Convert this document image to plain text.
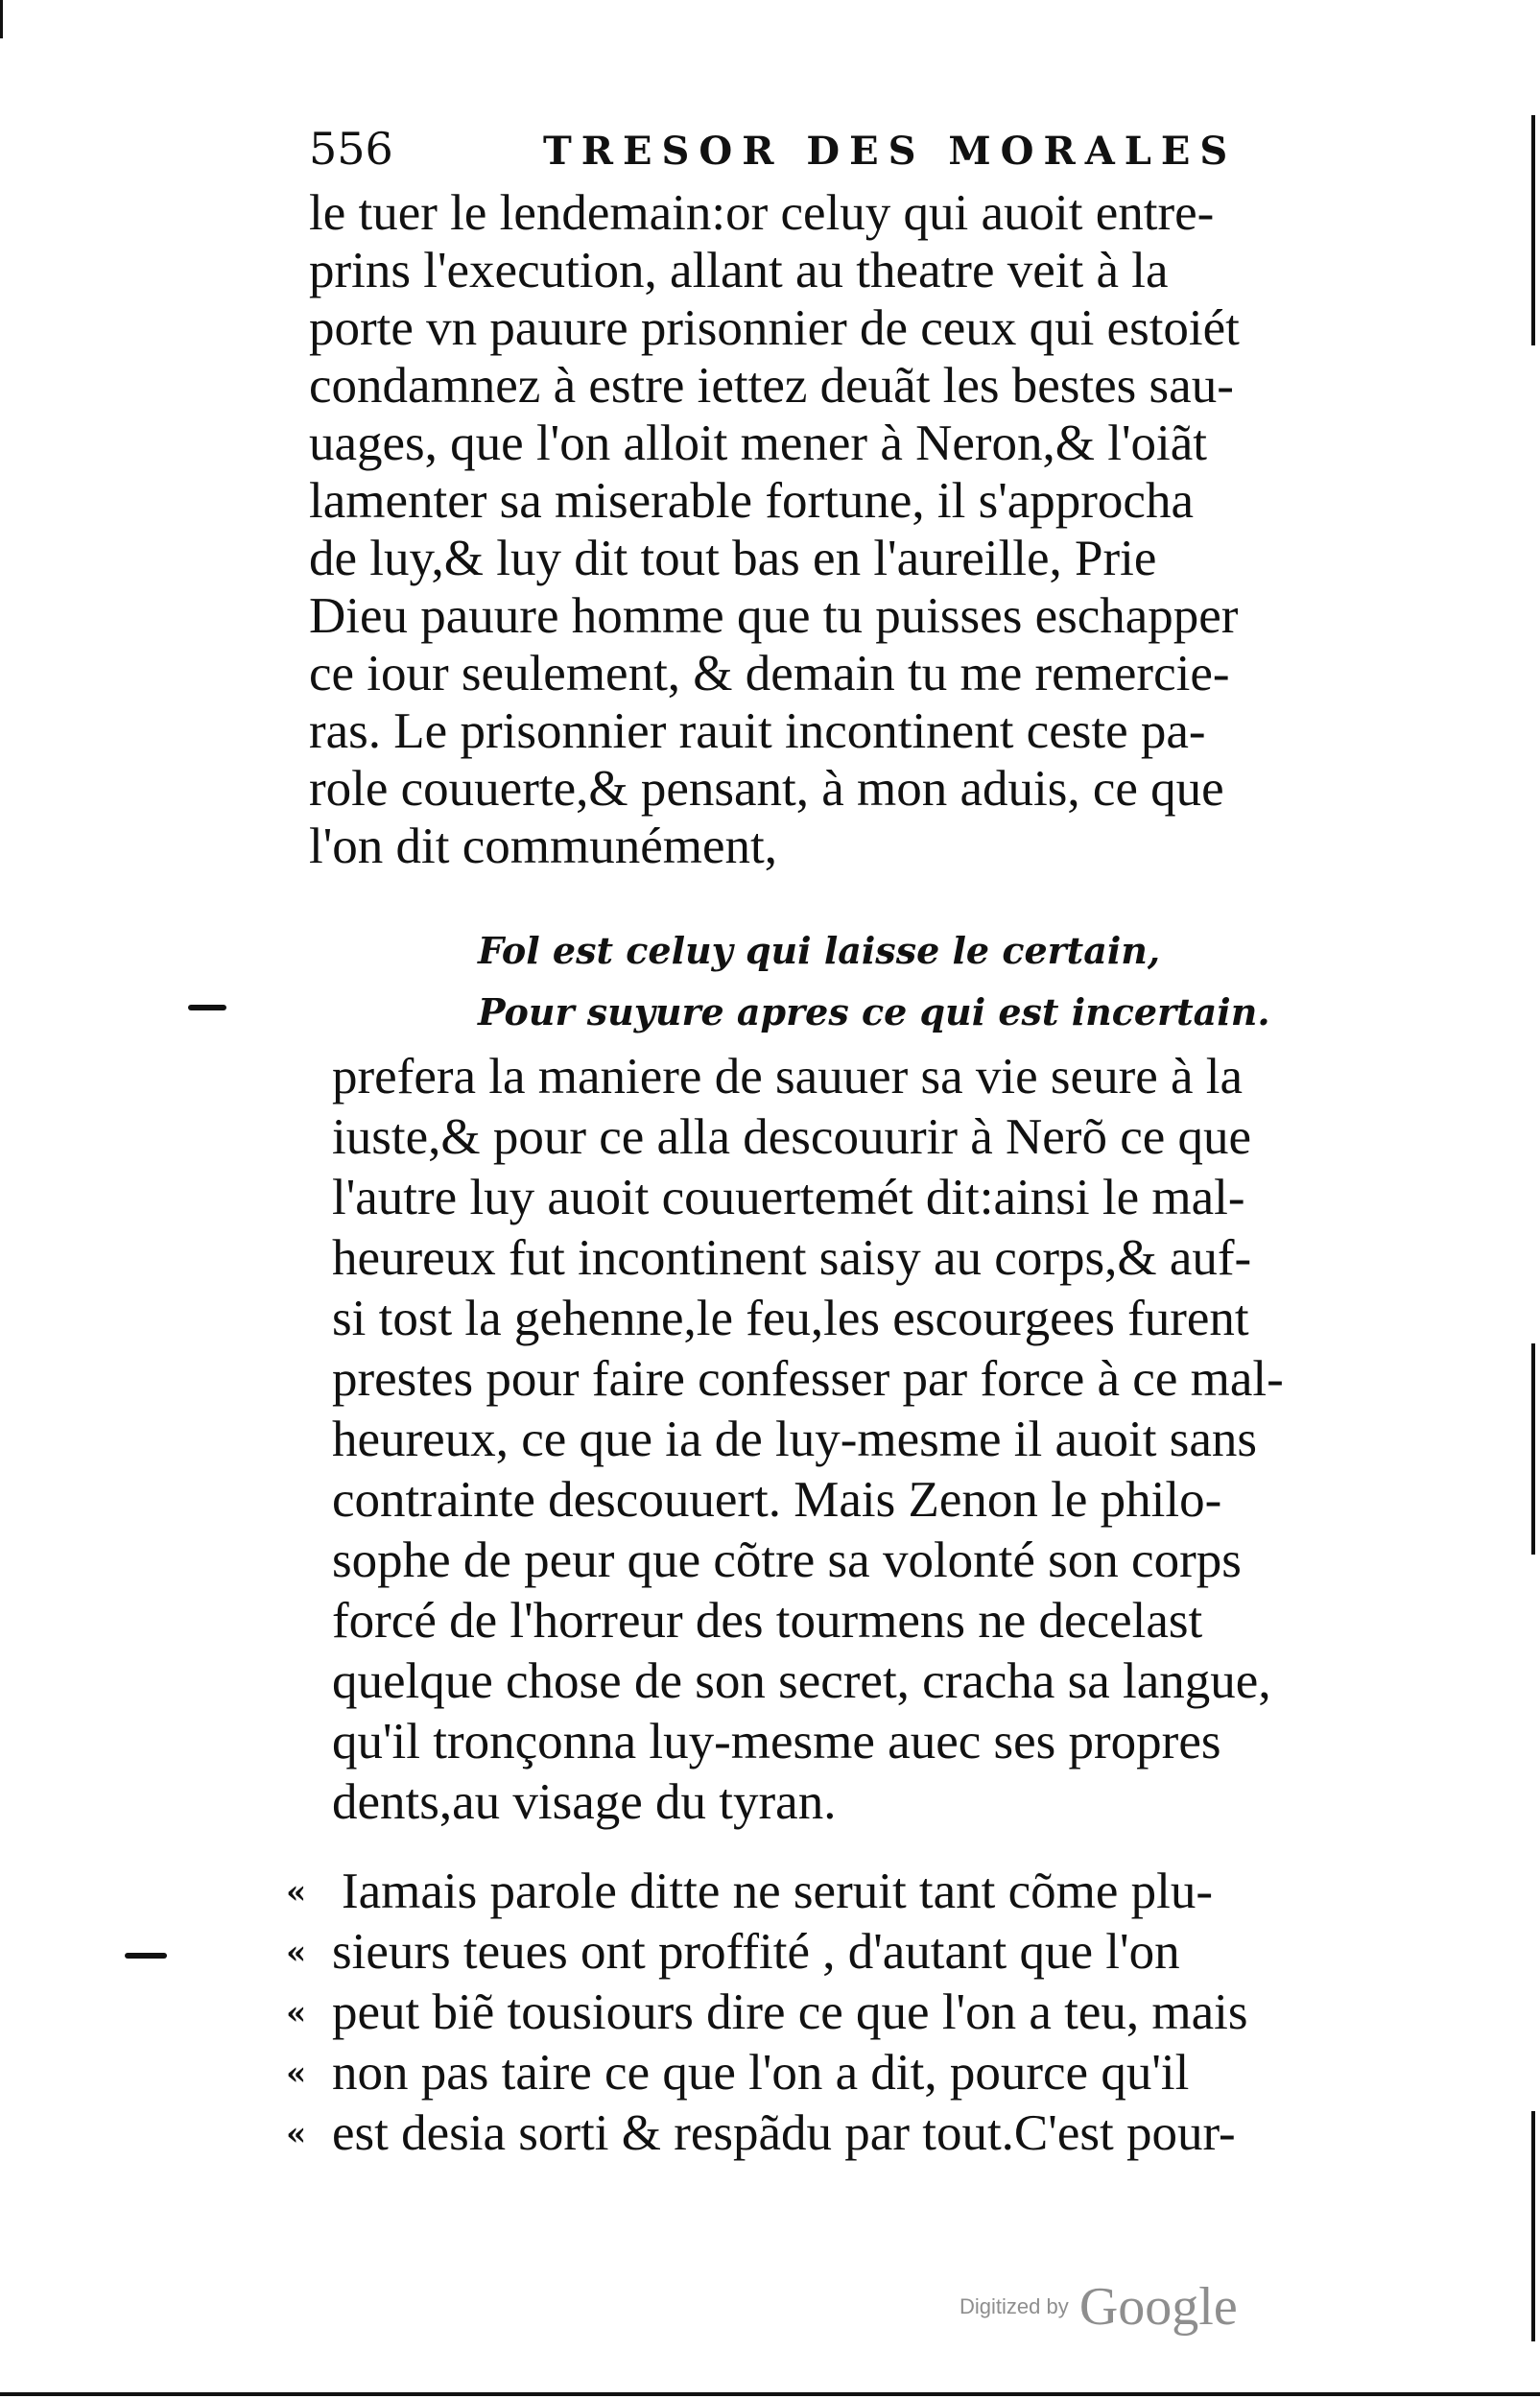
556	TRESOR DES MORALES
le tuer le lendemain:or celuy qui auoit entre-
prins l'execution, allant au theatre veit à la
porte vn pauure prisonnier de ceux qui estoiét
condamnez à estre iettez deuãt les bestes sau-
uages, que l'on alloit mener à Neron,& l'oiãt
lamenter sa miserable fortune, il s'approcha
de luy,& luy dit tout bas en l'aureille, Prie
Dieu pauure homme que tu puisses eschapper
ce iour seulement, & demain tu me remercie-
ras. Le prisonnier rauit incontinent ceste pa-
role couuerte,& pensant, à mon aduis, ce que
l'on dit communément,
Fol est celuy qui laisse le certain,
Pour suyure apres ce qui est incertain.
prefera la maniere de sauuer sa vie seure à la
iuste,& pour ce alla descouurir à Nerõ ce que
l'autre luy auoit couuertemét dit:ainsi le mal-
heureux fut incontinent saisy au corps,& auf-
si tost la gehenne,le feu,les escourgees furent
prestes pour faire confesser par force à ce mal-
heureux, ce que ia de luy-mesme il auoit sans
contrainte descouuert. Mais Zenon le philo-
sophe de peur que cõtre sa volonté son corps
forcé de l'horreur des tourmens ne decelast
quelque chose de son secret, cracha sa langue,
qu'il tronçonna luy-mesme auec ses propres
dents,au visage du tyran.
« Iamais parole ditte ne seruit tant cõme plu-
« sieurs teues ont proffité , d'autant que l'on
« peut biẽ tousiours dire ce que l'on a teu, mais
« non pas taire ce que l'on a dit, pource qu'il
« est desia sorti & respãdu par tout.C'est pour-
Digitized by Google
